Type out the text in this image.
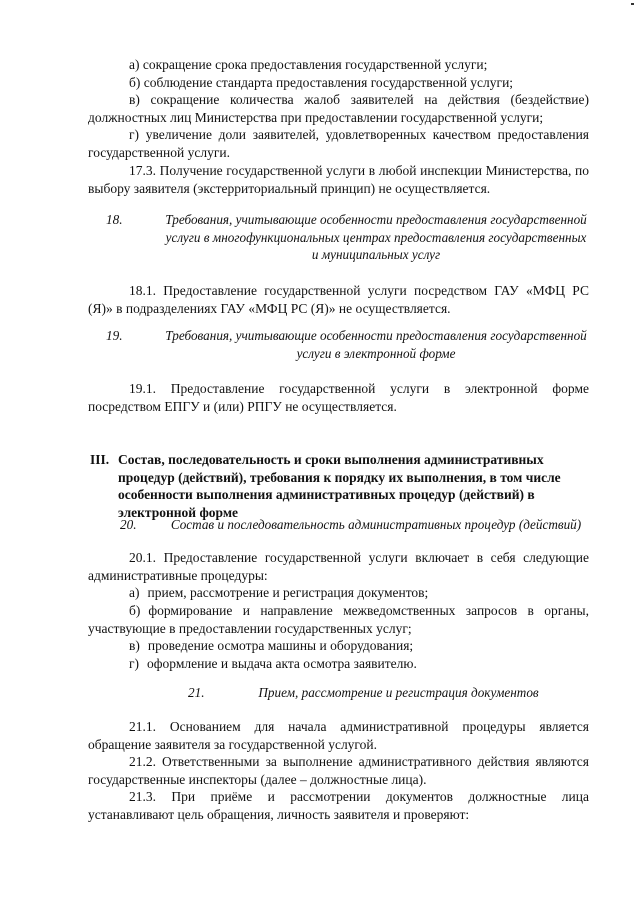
а) сокращение срока предоставления государственной услуги;

б) соблюдение стандарта предоставления государственной услуги;

в) сокращение количества жалоб заявителей на действия (бездействие) должностных лиц Министерства при предоставлении государственной услуги;

г) увеличение доли заявителей, удовлетворенных качеством предоставления государственной услуги.

17.3. Получение государственной услуги в любой инспекции Министерства, по выбору заявителя (экстерриториальный принцип) не осуществляется.

18.	Требования, учитывающие особенности предоставления государственной услуги в многофункциональных центрах предоставления государственных и муниципальных услуг

18.1. Предоставление государственной услуги посредством ГАУ «МФЦ РС (Я)» в подразделениях ГАУ «МФЦ РС (Я)» не осуществляется.

19.	Требования, учитывающие особенности предоставления государственной услуги в электронной форме

19.1. Предоставление государственной услуги в электронной форме посредством ЕПГУ и (или) РПГУ не осуществляется.

III. Состав, последовательность и сроки выполнения административных процедур (действий), требования к порядку их выполнения, в том числе особенности выполнения административных процедур (действий) в электронной форме
20.	Состав и последовательность административных процедур (действий)

20.1. Предоставление государственной услуги включает в себя следующие административные процедуры:

а) прием, рассмотрение и регистрация документов;

б) формирование и направление межведомственных запросов в органы, участвующие в предоставлении государственных услуг;

в) проведение осмотра машины и оборудования;

г) оформление и выдача акта осмотра заявителю.

21.	Прием, рассмотрение и регистрация документов

21.1. Основанием для начала административной процедуры является обращение заявителя за государственной услугой.

21.2. Ответственными за выполнение административного действия являются государственные инспекторы (далее – должностные лица).

21.3. При приёме и рассмотрении документов должностные лица устанавливают цель обращения, личность заявителя и проверяют:
